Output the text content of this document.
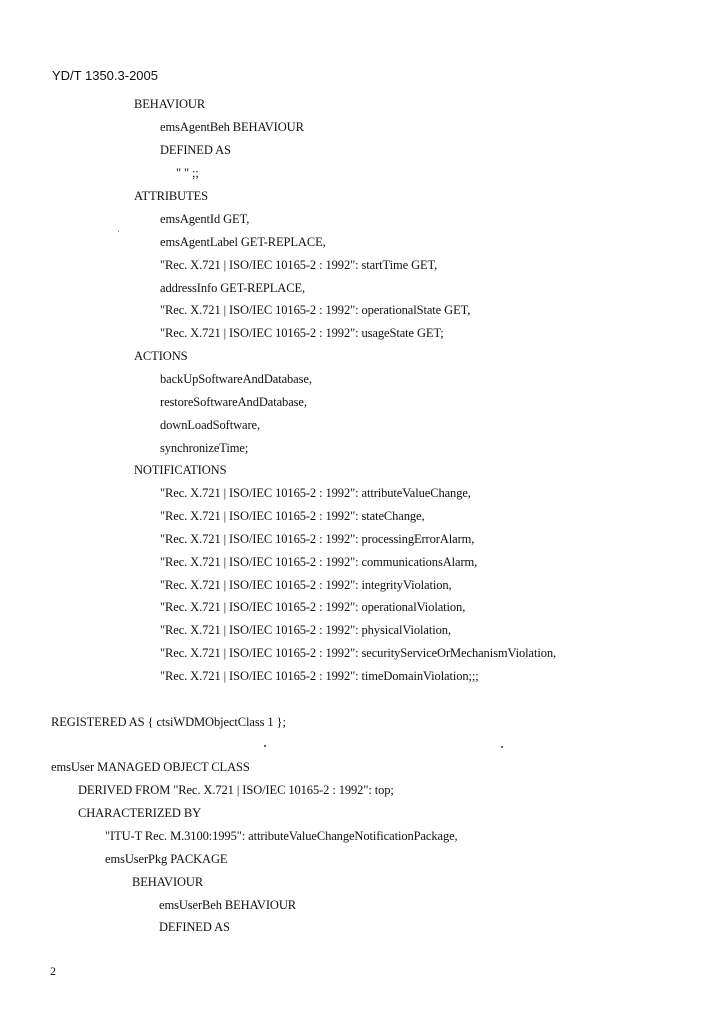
YD/T 1350.3-2005
BEHAVIOUR
emsAgentBeh BEHAVIOUR
DEFINED AS
" " ;;
ATTRIBUTES
emsAgentId GET,
emsAgentLabel GET-REPLACE,
"Rec. X.721 | ISO/IEC 10165-2 : 1992": startTime GET,
addressInfo GET-REPLACE,
"Rec. X.721 | ISO/IEC 10165-2 : 1992": operationalState GET,
"Rec. X.721 | ISO/IEC 10165-2 : 1992": usageState GET;
ACTIONS
backUpSoftwareAndDatabase,
restoreSoftwareAndDatabase,
downLoadSoftware,
synchronizeTime;
NOTIFICATIONS
"Rec. X.721 | ISO/IEC 10165-2 : 1992": attributeValueChange,
"Rec. X.721 | ISO/IEC 10165-2 : 1992": stateChange,
"Rec. X.721 | ISO/IEC 10165-2 : 1992": processingErrorAlarm,
"Rec. X.721 | ISO/IEC 10165-2 : 1992": communicationsAlarm,
"Rec. X.721 | ISO/IEC 10165-2 : 1992": integrityViolation,
"Rec. X.721 | ISO/IEC 10165-2 : 1992": operationalViolation,
"Rec. X.721 | ISO/IEC 10165-2 : 1992": physicalViolation,
"Rec. X.721 | ISO/IEC 10165-2 : 1992": securityServiceOrMechanismViolation,
"Rec. X.721 | ISO/IEC 10165-2 : 1992": timeDomainViolation;;;
REGISTERED AS { ctsiWDMObjectClass 1 };
emsUser MANAGED OBJECT CLASS
DERIVED FROM "Rec. X.721 | ISO/IEC 10165-2 : 1992": top;
CHARACTERIZED BY
"ITU-T Rec. M.3100:1995": attributeValueChangeNotificationPackage,
emsUserPkg PACKAGE
BEHAVIOUR
emsUserBeh BEHAVIOUR
DEFINED AS
2
